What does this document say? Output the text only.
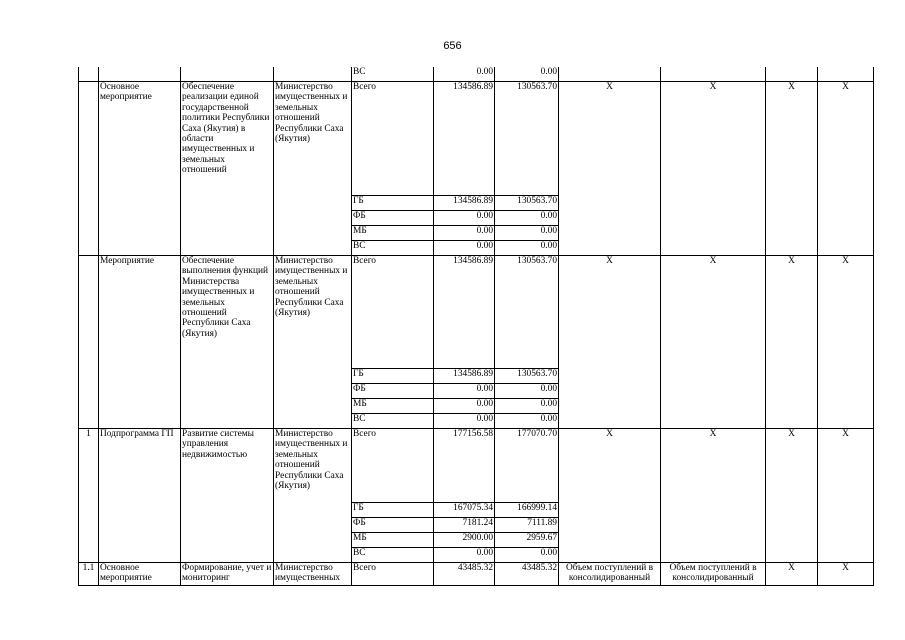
656
				ВС	0.00	0.00				
	Основное мероприятие	Обеспечение реализации единой государственной политики Республики Саха (Якутия) в области имущественных и земельных отношений	Министерство имущественных и земельных отношений Республики Саха (Якутия)	Всего	134586.89	130563.70	X	X	X	X
				ГБ	134586.89	130563.70				
				ФБ	0.00	0.00				
				МБ	0.00	0.00				
				ВС	0.00	0.00				
	Мероприятие	Обеспечение выполнения функций Министерства имущественных и земельных отношений Республики Саха (Якутия)	Министерство имущественных и земельных отношений Республики Саха (Якутия)	Всего	134586.89	130563.70	X	X	X	X
				ГБ	134586.89	130563.70				
				ФБ	0.00	0.00				
				МБ	0.00	0.00				
				ВС	0.00	0.00				
1	Подпрограмма ГП	Развитие системы управления недвижимостью	Министерство имущественных и земельных отношений Республики Саха (Якутия)	Всего	177156.58	177070.70	X	X	X	X
				ГБ	167075.34	166999.14				
				ФБ	7181.24	7111.89				
				МБ	2900.00	2959.67				
				ВС	0.00	0.00				
1.1	Основное мероприятие	Формирование, учет и мониторинг	Министерство имущественных	Всего	43485.32	43485.32	Объем поступлений в консолидированный	Объем поступлений в консолидированный	X	X
